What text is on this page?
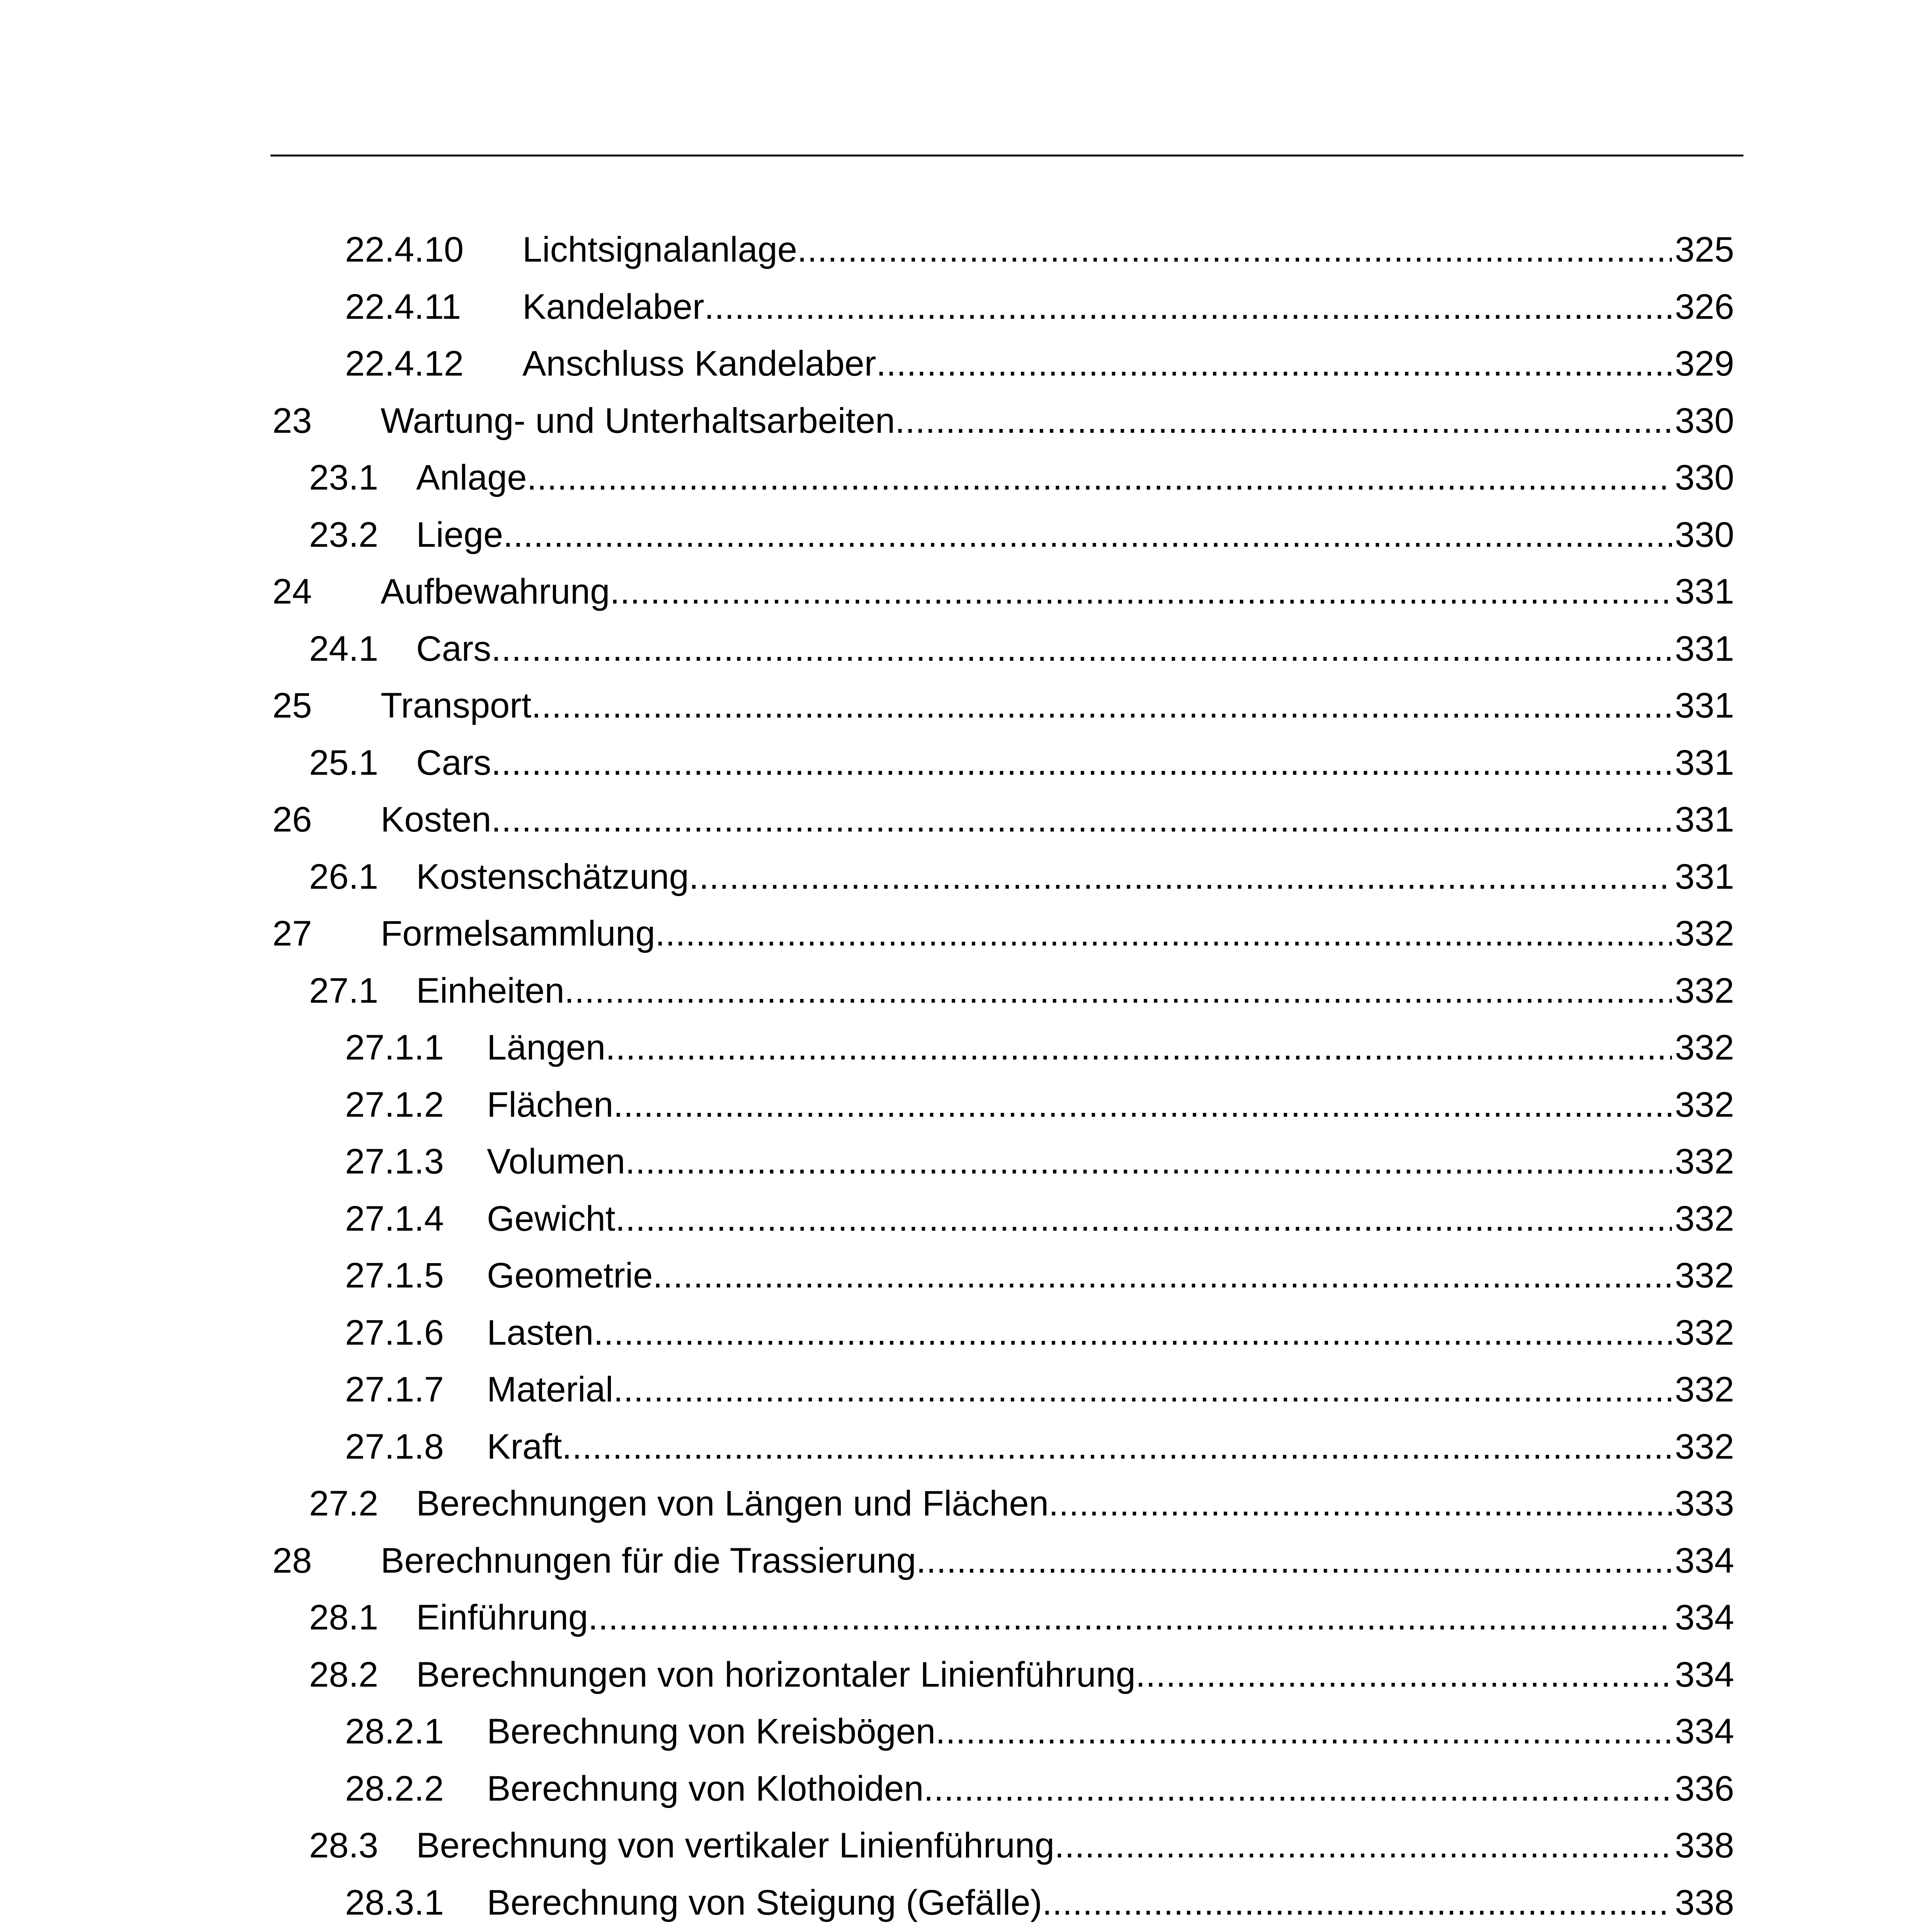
22.4.10 Lichtsignalanlage .....	325
22.4.11 Kandelaber .....	326
22.4.12 Anschluss Kandelaber .....	329
23 Wartung- und Unterhaltsarbeiten .....	330
23.1 Anlage .....	330
23.2 Liege .....	330
24 Aufbewahrung .....	331
24.1 Cars .....	331
25 Transport .....	331
25.1 Cars .....	331
26 Kosten .....	331
26.1 Kostenschätzung .....	331
27 Formelsammlung .....	332
27.1 Einheiten .....	332
27.1.1 Längen .....	332
27.1.2 Flächen .....	332
27.1.3 Volumen .....	332
27.1.4 Gewicht .....	332
27.1.5 Geometrie .....	332
27.1.6 Lasten .....	332
27.1.7 Material .....	332
27.1.8 Kraft .....	332
27.2 Berechnungen von Längen und Flächen .....	333
28 Berechnungen für die Trassierung .....	334
28.1 Einführung .....	334
28.2 Berechnungen von horizontaler Linienführung .....	334
28.2.1 Berechnung von Kreisbögen .....	334
28.2.2 Berechnung von Klothoiden .....	336
28.3 Berechnung von vertikaler Linienführung .....	338
28.3.1 Berechnung von Steigung (Gefälle) .....	338
.....
